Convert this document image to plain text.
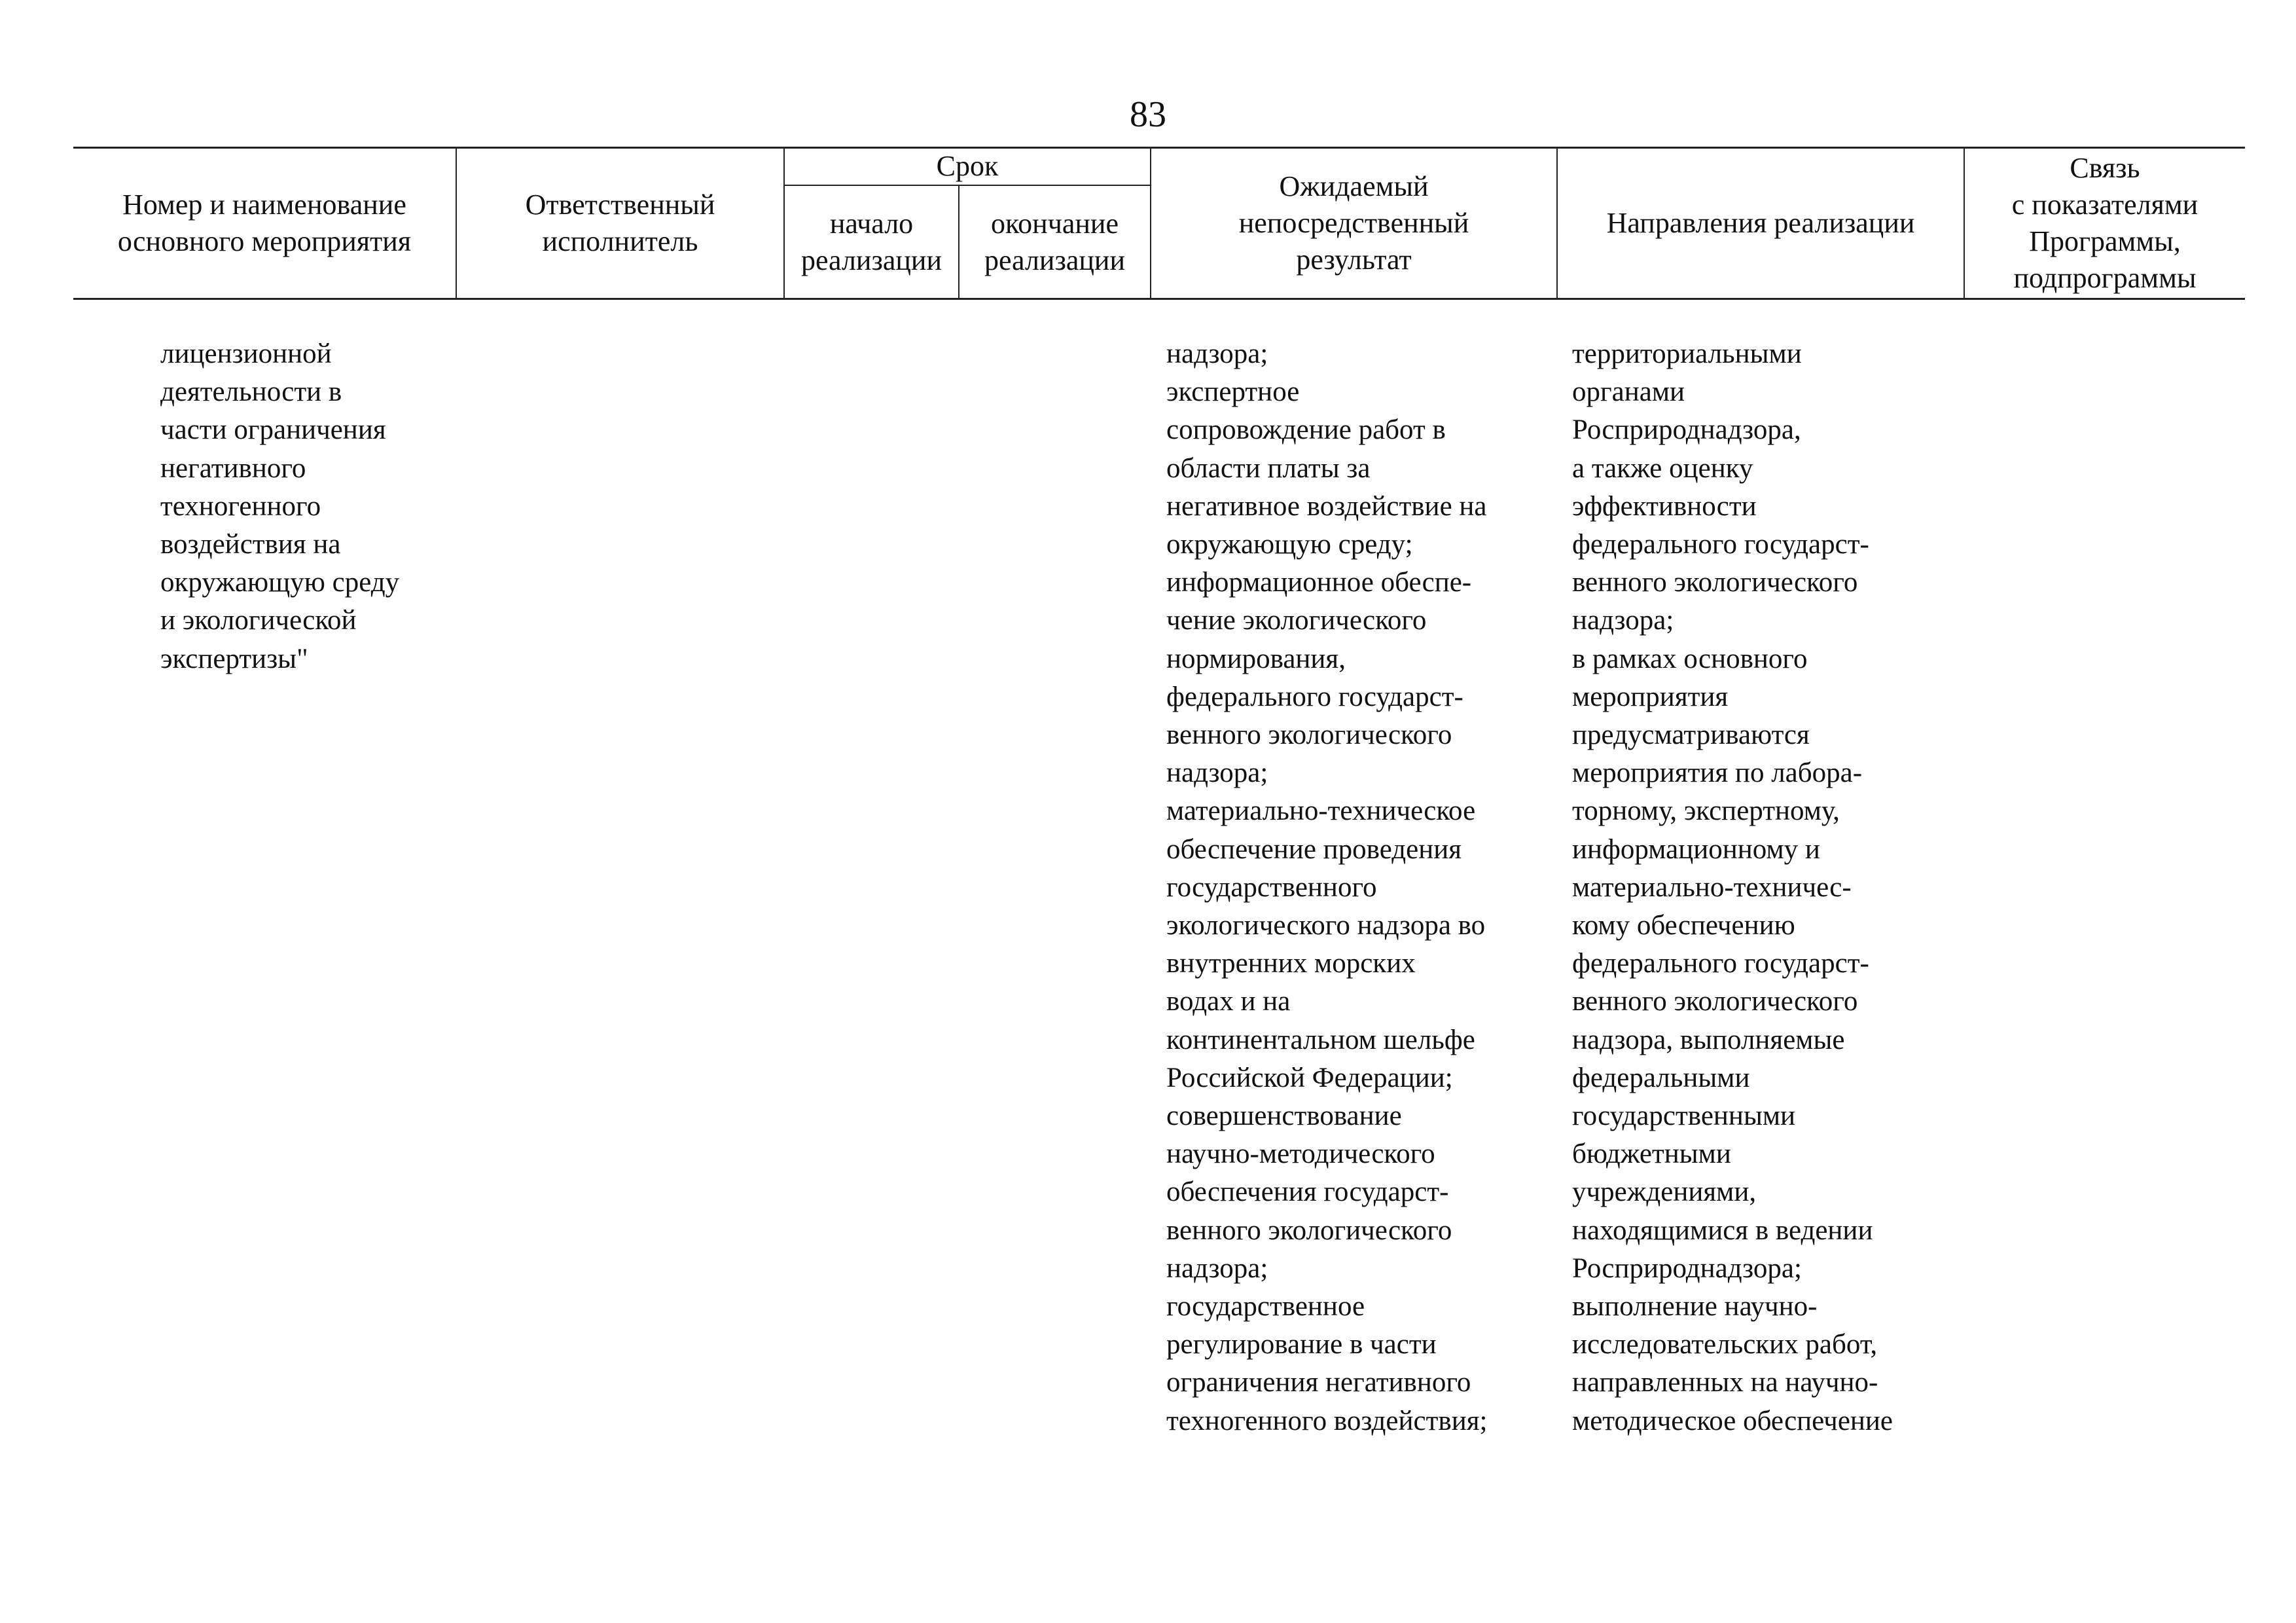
83
Номер и наименование
основного мероприятия
Ответственный
исполнитель
Срок
начало
реализации
окончание
реализации
Ожидаемый
непосредственный
результат
Направления реализации
Связь
с показателями
Программы,
подпрограммы
лицензионной
деятельности в
части ограничения
негативного
техногенного
воздействия на
окружающую среду
и экологической
экспертизы"
надзора;
экспертное
сопровождение работ в
области платы за
негативное воздействие на
окружающую среду;
информационное обеспе-
чение экологического
нормирования,
федерального государст-
венного экологического
надзора;
материально-техническое
обеспечение проведения
государственного
экологического надзора во
внутренних морских
водах и на
континентальном шельфе
Российской Федерации;
совершенствование
научно-методического
обеспечения государст-
венного экологического
надзора;
государственное
регулирование в части
ограничения негативного
техногенного воздействия;
территориальными
органами
Росприроднадзора,
а также оценку
эффективности
федерального государст-
венного экологического
надзора;
в рамках основного
мероприятия
предусматриваются
мероприятия по лабора-
торному, экспертному,
информационному и
материально-техничес-
кому обеспечению
федерального государст-
венного экологического
надзора, выполняемые
федеральными
государственными
бюджетными
учреждениями,
находящимися в ведении
Росприроднадзора;
выполнение научно-
исследовательских работ,
направленных на научно-
методическое обеспечение
